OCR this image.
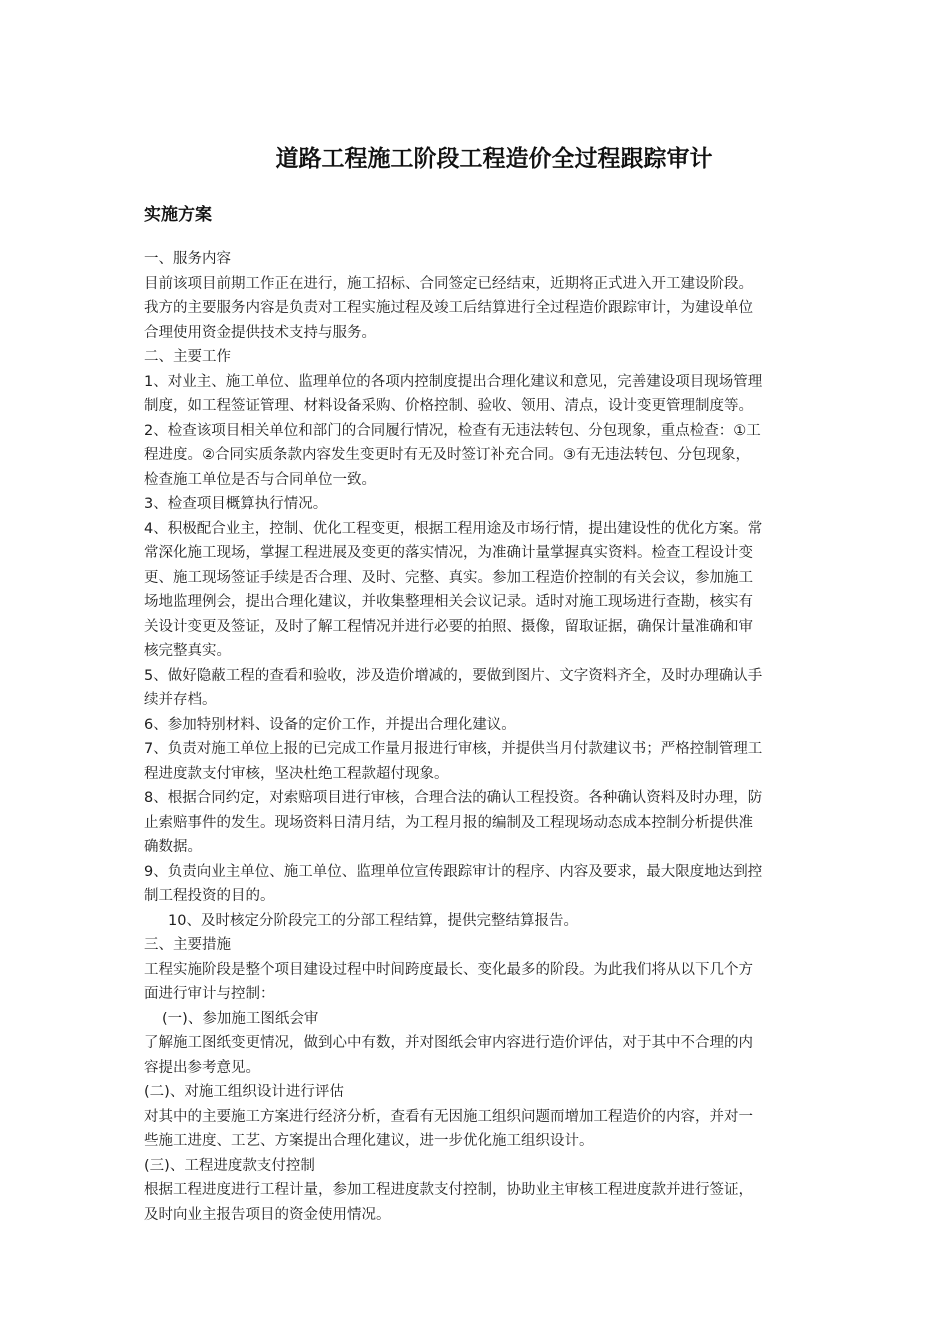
道路工程施工阶段工程造价全过程跟踪审计
实施方案
一、服务内容
目前该项目前期工作正在进行，施工招标、合同签定已经结束，近期将正式进入开工建设阶段。
我方的主要服务内容是负责对工程实施过程及竣工后结算进行全过程造价跟踪审计，为建设单位
合理使用资金提供技术支持与服务。
二、主要工作
1、对业主、施工单位、监理单位的各项内控制度提出合理化建议和意见，完善建设项目现场管理
制度，如工程签证管理、材料设备采购、价格控制、验收、领用、清点，设计变更管理制度等。
2、检查该项目相关单位和部门的合同履行情况，检查有无违法转包、分包现象，重点检查：①工
程进度。②合同实质条款内容发生变更时有无及时签订补充合同。③有无违法转包、分包现象，
检查施工单位是否与合同单位一致。
3、检查项目概算执行情况。
4、积极配合业主，控制、优化工程变更，根据工程用途及市场行情，提出建设性的优化方案。常
常深化施工现场，掌握工程进展及变更的落实情况，为准确计量掌握真实资料。检查工程设计变
更、施工现场签证手续是否合理、及时、完整、真实。参加工程造价控制的有关会议，参加施工
场地监理例会，提出合理化建议，并收集整理相关会议记录。适时对施工现场进行查勘，核实有
关设计变更及签证，及时了解工程情况并进行必要的拍照、摄像，留取证据，确保计量准确和审
核完整真实。
5、做好隐蔽工程的查看和验收，涉及造价增减的，要做到图片、文字资料齐全，及时办理确认手
续并存档。
6、参加特别材料、设备的定价工作，并提出合理化建议。
7、负责对施工单位上报的已完成工作量月报进行审核，并提供当月付款建议书；严格控制管理工
程进度款支付审核，坚决杜绝工程款超付现象。
8、根据合同约定，对索赔项目进行审核，合理合法的确认工程投资。各种确认资料及时办理，防
止索赔事件的发生。现场资料日清月结，为工程月报的编制及工程现场动态成本控制分析提供准
确数据。
9、负责向业主单位、施工单位、监理单位宣传跟踪审计的程序、内容及要求，最大限度地达到控
制工程投资的目的。
10、及时核定分阶段完工的分部工程结算，提供完整结算报告。
三、主要措施
工程实施阶段是整个项目建设过程中时间跨度最长、变化最多的阶段。为此我们将从以下几个方
面进行审计与控制：
(一)、参加施工图纸会审
了解施工图纸变更情况，做到心中有数，并对图纸会审内容进行造价评估，对于其中不合理的内
容提出参考意见。
(二)、对施工组织设计进行评估
对其中的主要施工方案进行经济分析，查看有无因施工组织问题而增加工程造价的内容，并对一
些施工进度、工艺、方案提出合理化建议，进一步优化施工组织设计。
(三)、工程进度款支付控制
根据工程进度进行工程计量，参加工程进度款支付控制，协助业主审核工程进度款并进行签证，
及时向业主报告项目的资金使用情况。
